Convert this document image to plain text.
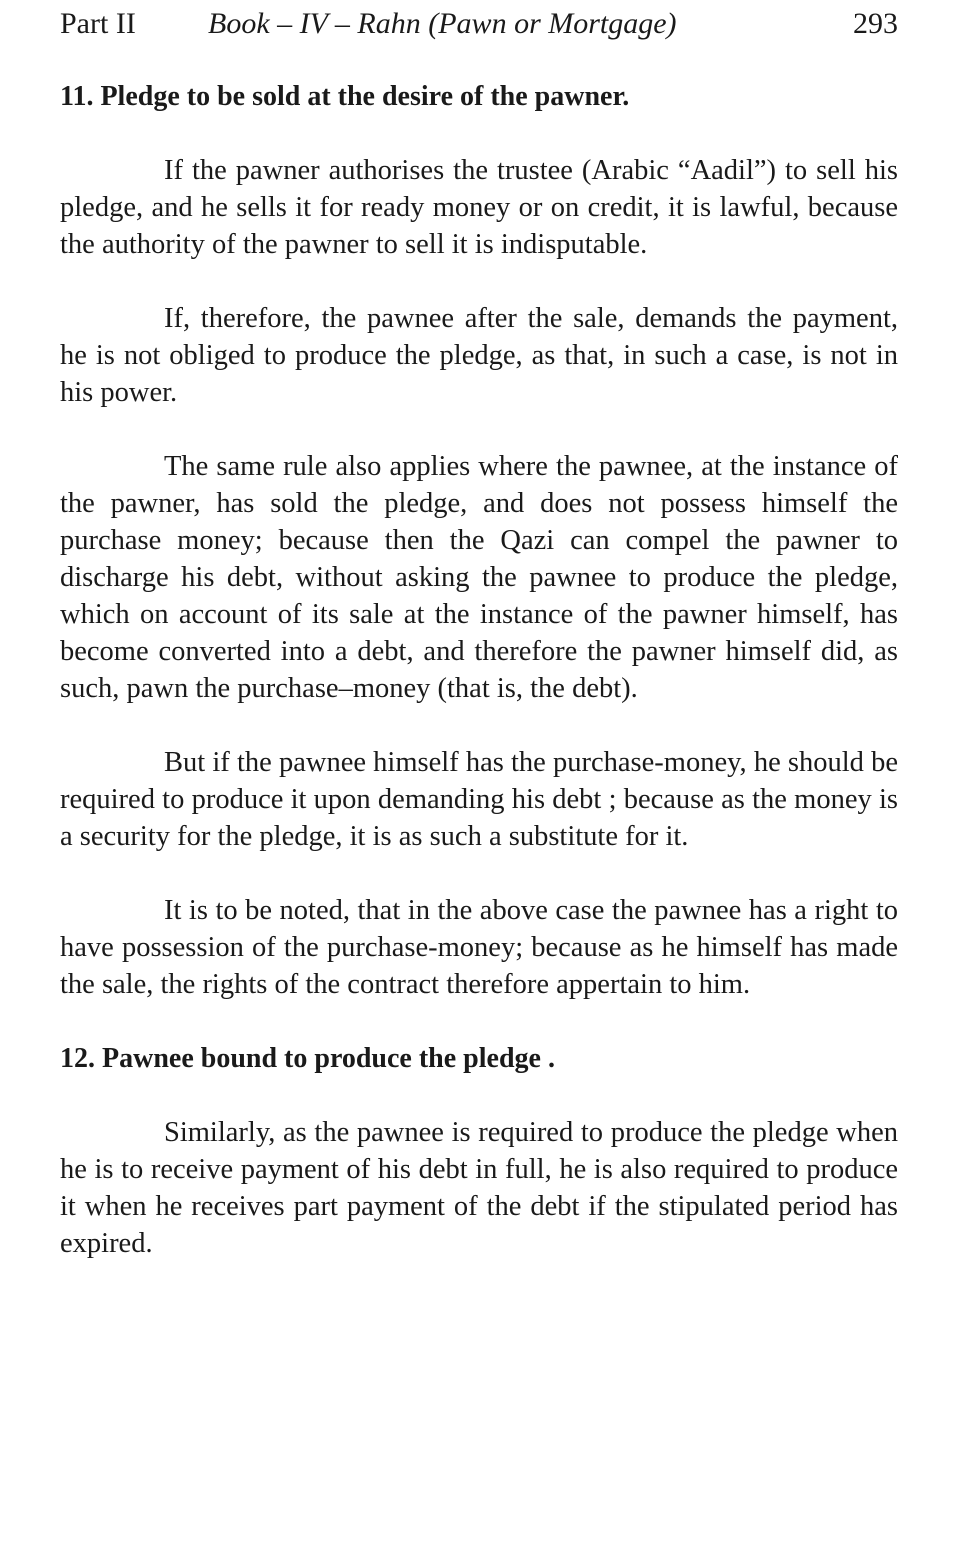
Part II Book – IV – Rahn (Pawn or Mortgage)	293
11. Pledge to be sold at the desire of the pawner.

If the pawner authorises the trustee (Arabic “Aadil”) to sell his pledge, and he sells it for ready money or on credit, it is lawful, because the authority of the pawner to sell it is indisputable.

If, therefore, the pawnee after the sale, demands the payment, he is not obliged to produce the pledge, as that, in such a case, is not in his power.

The same rule also applies where the pawnee, at the instance of the pawner, has sold the pledge, and does not possess himself the purchase money; because then the Qazi can compel the pawner to discharge his debt, without asking the pawnee to produce the pledge, which on account of its sale at the instance of the pawner himself, has become converted into a debt, and therefore the pawner himself did, as such, pawn the purchase–money (that is, the debt).

But if the pawnee himself has the purchase-money, he should be required to produce it upon demanding his debt ; because as the money is a security for the pledge, it is as such a substitute for it.

It is to be noted, that in the above case the pawnee has a right to have possession of the purchase-money; because as he himself has made the sale, the rights of the contract therefore appertain to him.

12. Pawnee bound to produce the pledge .

Similarly, as the pawnee is required to produce the pledge when he is to receive payment of his debt in full, he is also required to produce it when he receives part payment of the debt if the stipulated period has expired.
